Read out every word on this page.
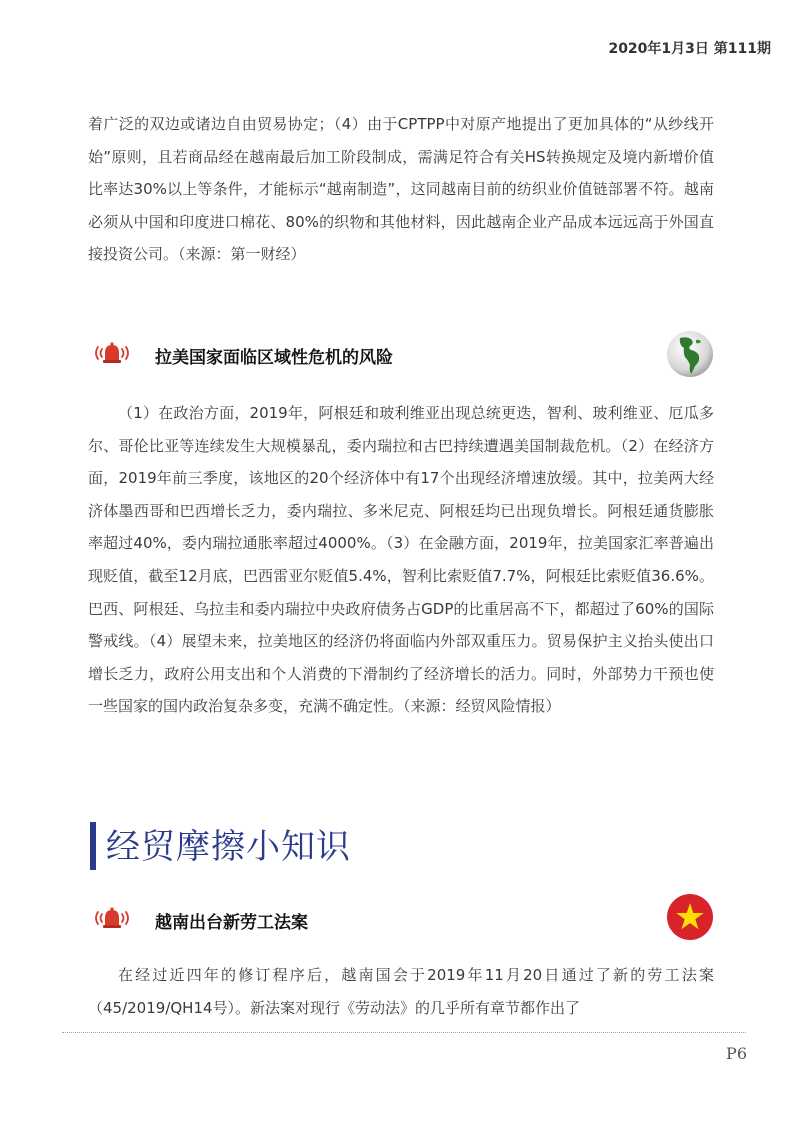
2020年1月3日 第111期

着广泛的双边或诸边自由贸易协定；（4）由于CPTPP中对原产地提出了更加具体的“从纱线开始”原则，且若商品经在越南最后加工阶段制成，需满足符合有关HS转换规定及境内新增价值比率达30%以上等条件，才能标示“越南制造”，这同越南目前的纺织业价值链部署不符。越南必须从中国和印度进口棉花、80%的织物和其他材料，因此越南企业产品成本远远高于外国直接投资公司。（来源：第一财经）

拉美国家面临区域性危机的风险

（1）在政治方面，2019年，阿根廷和玻利维亚出现总统更迭，智利、玻利维亚、厄瓜多尔、哥伦比亚等连续发生大规模暴乱，委内瑞拉和古巴持续遭遇美国制裁危机。（2）在经济方面，2019年前三季度，该地区的20个经济体中有17个出现经济增速放缓。其中，拉美两大经济体墨西哥和巴西增长乏力，委内瑞拉、多米尼克、阿根廷均已出现负增长。阿根廷通货膨胀率超过40%，委内瑞拉通胀率超过4000%。（3）在金融方面，2019年，拉美国家汇率普遍出现贬值，截至12月底，巴西雷亚尔贬值5.4%，智利比索贬值7.7%，阿根廷比索贬值36.6%。巴西、阿根廷、乌拉圭和委内瑞拉中央政府债务占GDP的比重居高不下，都超过了60%的国际警戒线。（4）展望未来，拉美地区的经济仍将面临内外部双重压力。贸易保护主义抬头使出口增长乏力，政府公用支出和个人消费的下滑制约了经济增长的活力。同时，外部势力干预也使一些国家的国内政治复杂多变，充满不确定性。（来源：经贸风险情报）

经贸摩擦小知识
越南出台新劳工法案

在经过近四年的修订程序后，越南国会于2019年11月20日通过了新的劳工法案（45/2019/QH14号）。新法案对现行《劳动法》的几乎所有章节都作出了

P6
